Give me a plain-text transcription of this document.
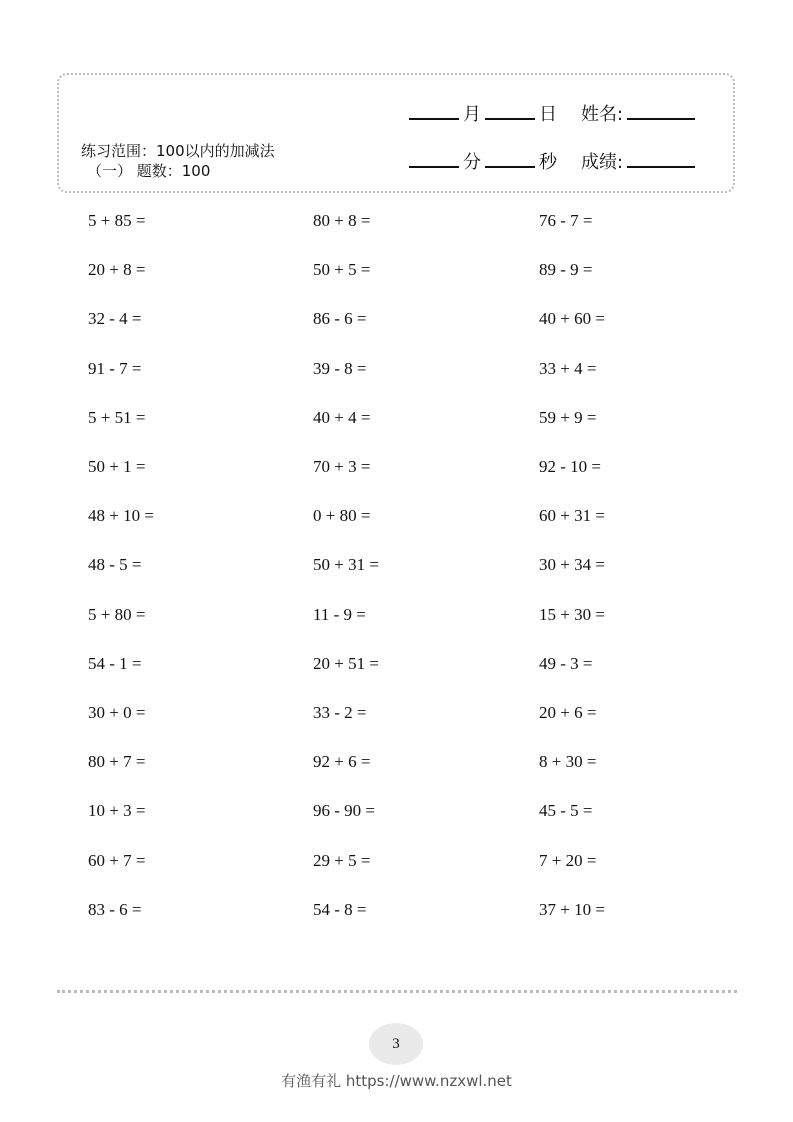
练习范围：100以内的加减法
（一） 题数：100
月	日 姓名:
分	秒 成绩:
5 + 85 =	80 + 8 =	76 - 7 =
20 + 8 =	50 + 5 =	89 - 9 =
32 - 4 =	86 - 6 =	40 + 60 =
91 - 7 =	39 - 8 =	33 + 4 =
5 + 51 =	40 + 4 =	59 + 9 =
50 + 1 =	70 + 3 =	92 - 10 =
48 + 10 =	0 + 80 =	60 + 31 =
48 - 5 =	50 + 31 =	30 + 34 =
5 + 80 =	11 - 9 =	15 + 30 =
54 - 1 =	20 + 51 =	49 - 3 =
30 + 0 =	33 - 2 =	20 + 6 =
80 + 7 =	92 + 6 =	8 + 30 =
10 + 3 =	96 - 90 =	45 - 5 =
60 + 7 =	29 + 5 =	7 + 20 =
83 - 6 =	54 - 8 =	37 + 10 =
3
有渔有礼 https://www.nzxwl.net
